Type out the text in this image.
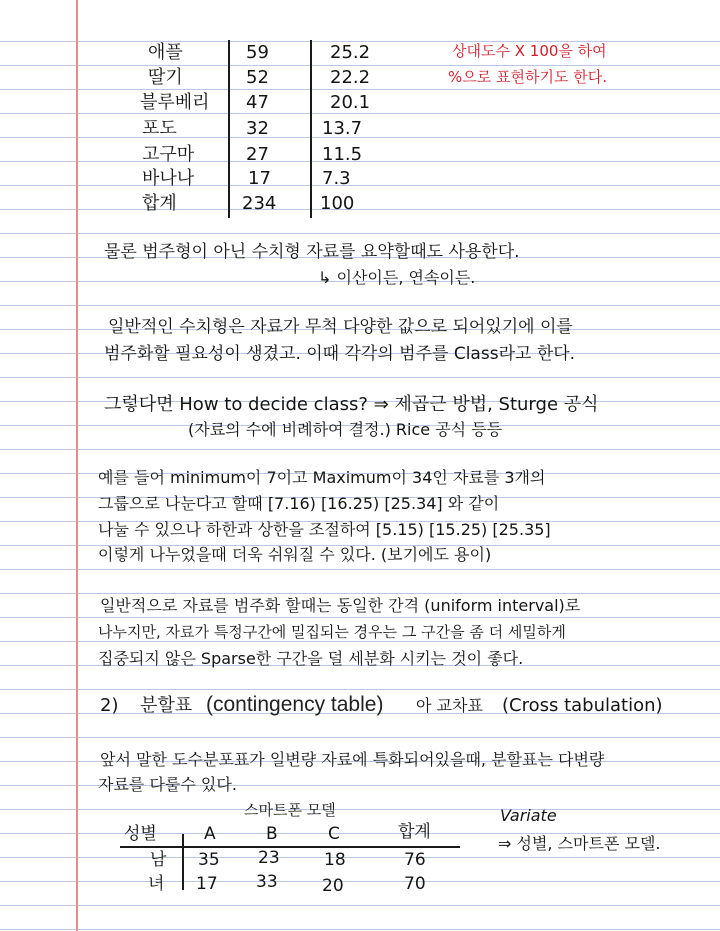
애플	59	25.2
딸기	52	22.2
블루베리 47	20.1
포도	32	13.7
고구마	27	11.5
바나나	17	7.3
합계	234 100
상대도수 X 100을 하여
%으로 표현하기도 한다.
물론 범주형이 아닌 수치형 자료를 요약할때도 사용한다.
↳ 이산이든, 연속이든.
일반적인 수치형은 자료가 무척 다양한 값으로 되어있기에 이를
범주화할 필요성이 생겼고. 이때 각각의 범주를 Class라고 한다.
그렇다면 How to decide class? ⇒ 제곱근 방법, Sturge 공식
(자료의 수에 비례하여 결정.) Rice 공식 등등
예를 들어 minimum이 7이고 Maximum이 34인 자료를 3개의
그룹으로 나눈다고 할때 [7.16) [16.25) [25.34] 와 같이
나눌 수 있으나 하한과 상한을 조절하여 [5.15) [15.25) [25.35]
이렇게 나누었을때 더욱 쉬워질 수 있다. (보기에도 용이)
일반적으로 자료를 범주화 할때는 동일한 간격 (uniform interval)로
나누지만, 자료가 특정구간에 밀집되는 경우는 그 구간을 좀 더 세밀하게
집중되지 않은 Sparse한 구간을 덜 세분화 시키는 것이 좋다.
2) 분할표 (contingency table) 아 교차표 (Cross tabulation)
앞서 말한 도수분포표가 일변량 자료에 특화되어있을때, 분할표는 다변량
자료를 다룰수 있다.
스마트폰 모델
성별	A	B	C	합계
남 35 23	18	76
녀 17 33	20	70
Variate
⇒ 성별, 스마트폰 모델.
